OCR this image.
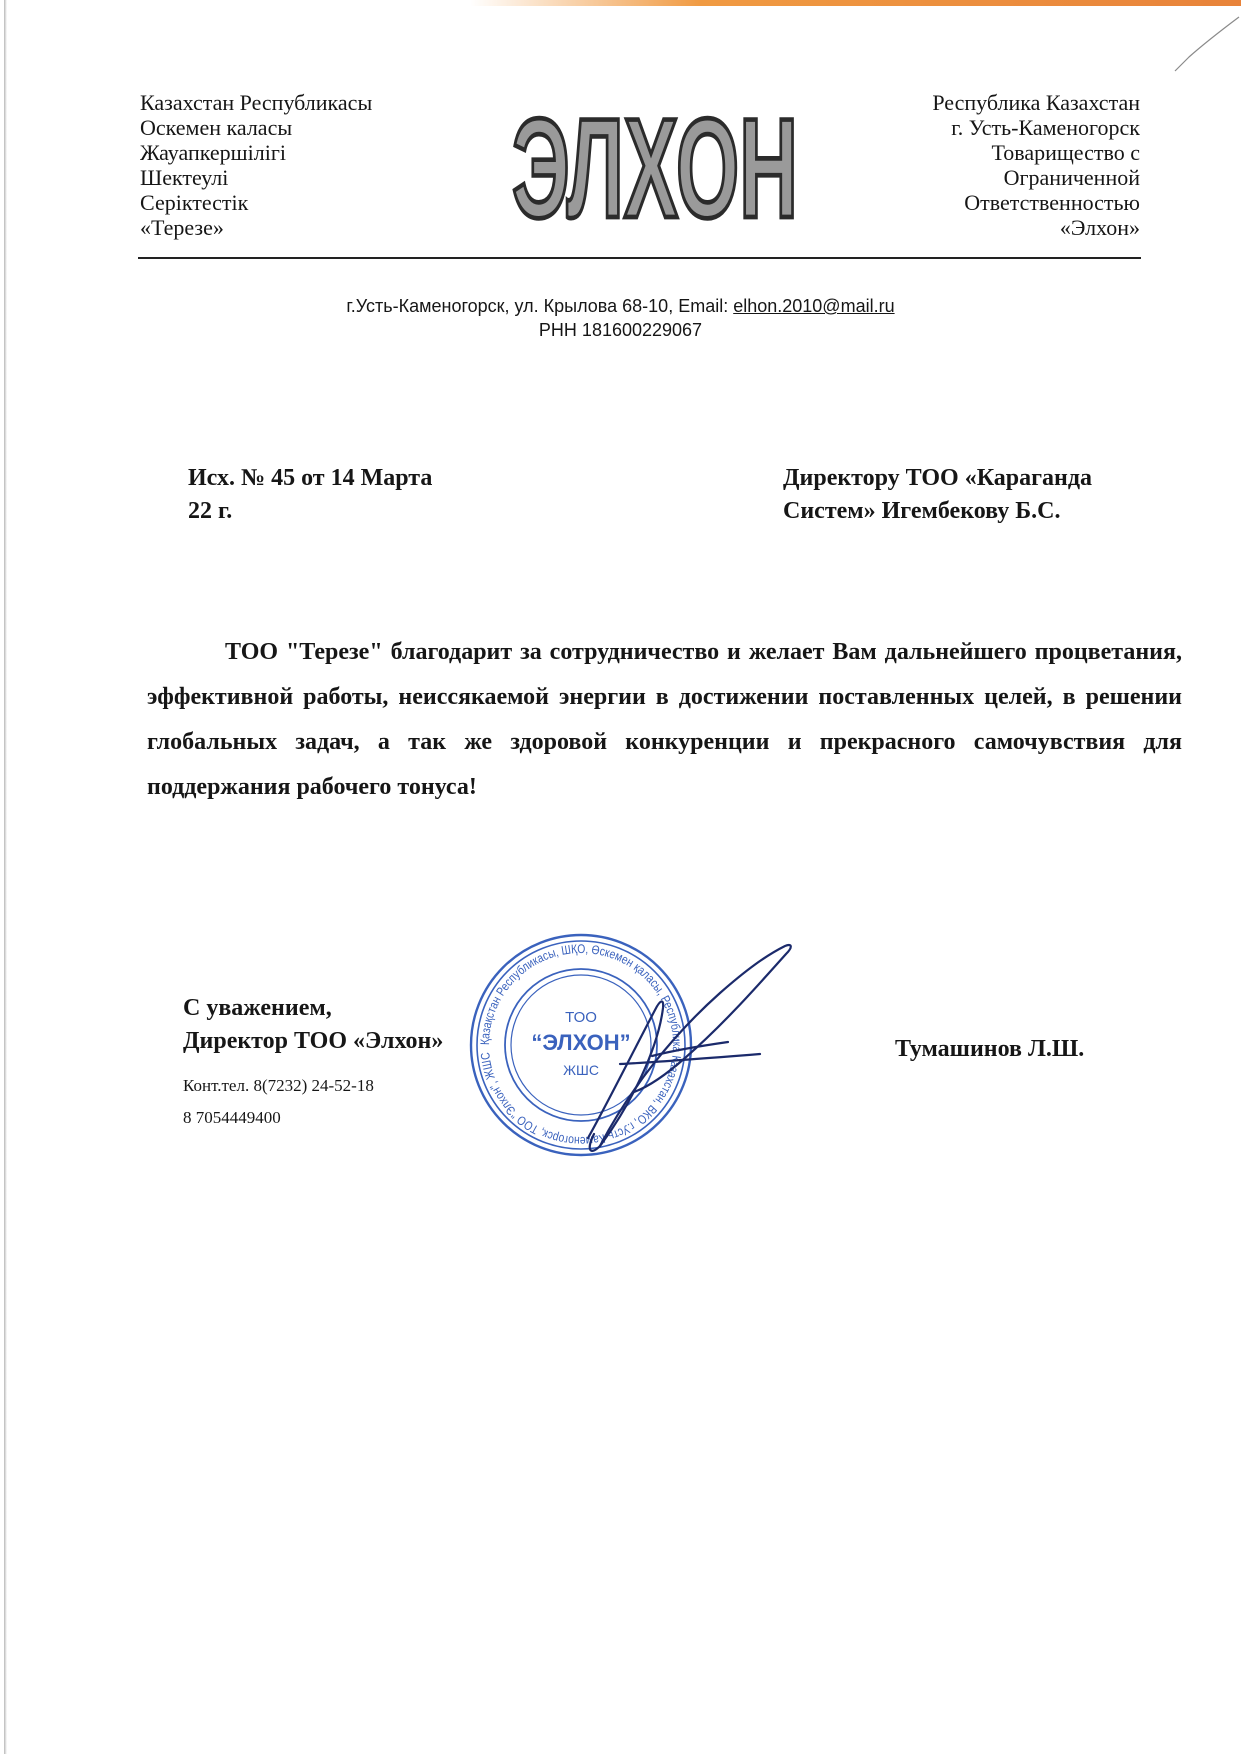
Казахстан Республикасы
Оскемен каласы
Жауапкершілігі
Шектеулі
Серіктестік
«Терезе»	ЭЛХОН	Республика Казахстан
г. Усть-Каменогорск
Товарищество с
Ограниченной
Ответственностью
«Элхон»
г.Усть-Каменогорск, ул. Крылова 68-10, Email: elhon.2010@mail.ru
РНН 181600229067
Исх. № 45 от 14 Марта
22 г.
Директору ТОО «Караганда
Систем» Игембекову Б.С.

ТОО "Терезе" благодарит за сотрудничество и желает Вам дальнейшего процветания, эффективной работы, неиссякаемой энергии в достижении поставленных целей, в решении глобальных задач, а так же здоровой конкуренции и прекрасного самочувствия для поддержания рабочего тонуса!

С уважением,
Директор ТОО «Элхон»
Конт.тел. 8(7232) 24-52-18
8 7054449400
Тумашинов Л.Ш.
Қазақстан Республикасы, ШҚО, Өскемен қаласы, Республика Казахстан, ВКО, г.Усть-Каменогорск, ТОО "Элхон", ЖШС
ТОО
“ЭЛХОН”
ЖШС
